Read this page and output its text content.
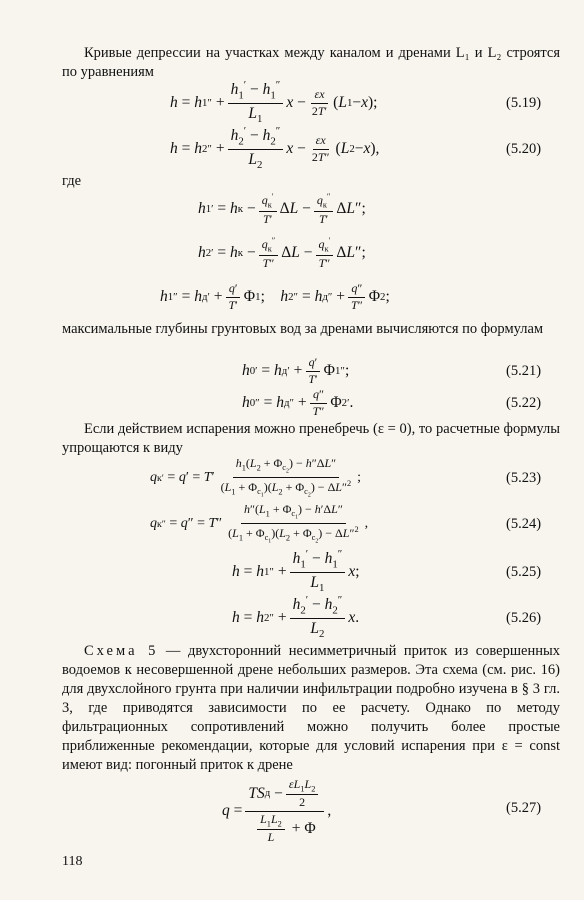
Кривые депрессии на участках между каналом и дренами L₁ и L₂ строятся по уравнениям
h = h 1 ″ + $\frac{h_1' - h_1''}{L_1}$ $x - \frac{\varepsilon x}{2T'}$ ( L 1 − x );	(5.19)
h = h 2 ″ + $\frac{h_2' - h_2''}{L_2}$ $x - \frac{\varepsilon x}{2T''}$ ( L 2 − x ),	(5.20)
где
h 1 ′ = h $к - \frac{q_к'}{T'}$ Δ $L - \frac{q_к''}{T'}$ Δ L ″;
h 2 ′ = h $к - \frac{q_к''}{T''}$ Δ $L - \frac{q_к'}{T''}$ Δ L ″;
h 1 ″ = h д ′ + $\frac{q'}{T'}$ Φ 1 ; h 2 ″ = h д ″ + $\frac{q''}{T''}$ Φ 2 ;
максимальные глубины грунтовых вод за дренами вычисляются по формулам
h 0 ′ = h д ′ + $\frac{q'}{T'}$ Φ 1 ″ ;	(5.21)
h 0 ″ = h д ″ + $\frac{q''}{T''}$ Φ 2 ′ .	(5.22)
Если действием испарения можно пренебречь (ε = 0), то расчетные формулы упрощаются к виду
q к ′ = q ′ = T ′ $\frac{h_1(L_2 + \Phi_{c_2}) - h''\Delta L''}{(L_1 + \Phi_{c_1})(L_2 + \Phi_{c_2}) - \Delta L''^2}$ ;	(5.23)
q к ″ = q ″ = T ″ $\frac{h''(L_1 + \Phi_{c_1}) - h'\Delta L''}{(L_1 + \Phi_{c_1})(L_2 + \Phi_{c_2}) - \Delta L''^2}$ ,	(5.24)
h = h 1 ″ + $\frac{h_1' - h_1''}{L_1}$ x ;	(5.25)
h = h 2 ″ + $\frac{h_2' - h_2''}{L_2}$ x .	(5.26)
Схема 5 — двухсторонний несимметричный приток из совершенных водоемов к несовершенной дрене небольших размеров. Эта схема (см. рис. 16) для двухслойного грунта при наличии инфильтрации подробно изучена в § 3 гл. 3, где приводятся зависимости по ее расчету. Однако по методу фильтрационных сопротивлений можно получить более простые приближенные рекомендации, которые для условий испарения при ε = const имеют вид: погонный приток к дрене
$q = \frac{TS д - \frac{\varepsilon L_1L_2}{2}}{\frac{L_1L_2}{L} + \Phi}$ ,	(5.27)
118
